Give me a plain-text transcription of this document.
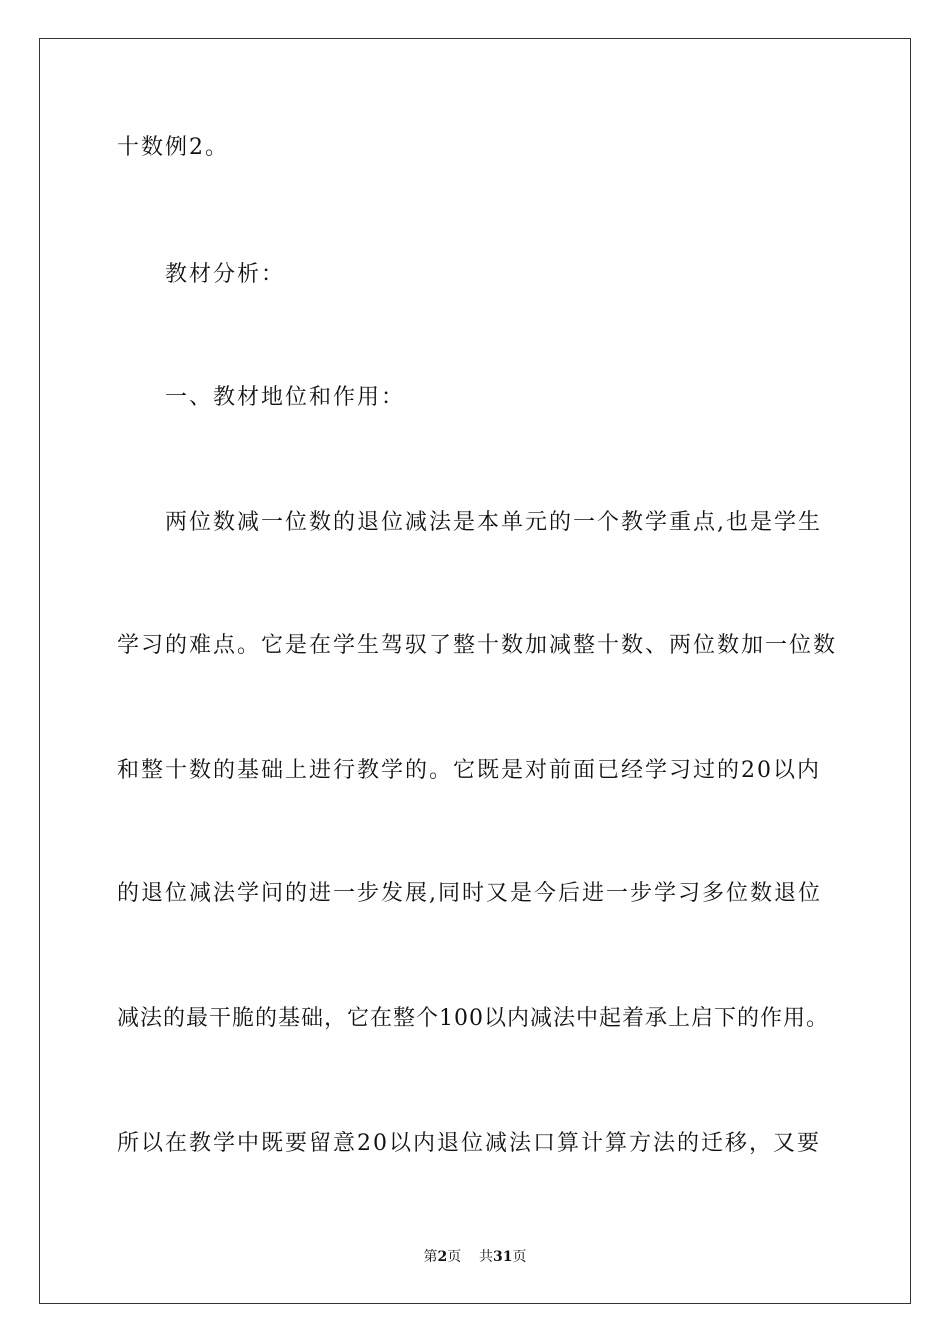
十数例2。
教材分析：
一、教材地位和作用：
两位数减一位数的退位减法是本单元的一个教学重点,也是学生
学习的难点。它是在学生驾驭了整十数加减整十数、两位数加一位数
和整十数的基础上进行教学的。它既是对前面已经学习过的20以内
的退位减法学问的进一步发展,同时又是今后进一步学习多位数退位
减法的最干脆的基础，它在整个100以内减法中起着承上启下的作用。
所以在教学中既要留意20以内退位减法口算计算方法的迁移，又要
第2页 共31页
